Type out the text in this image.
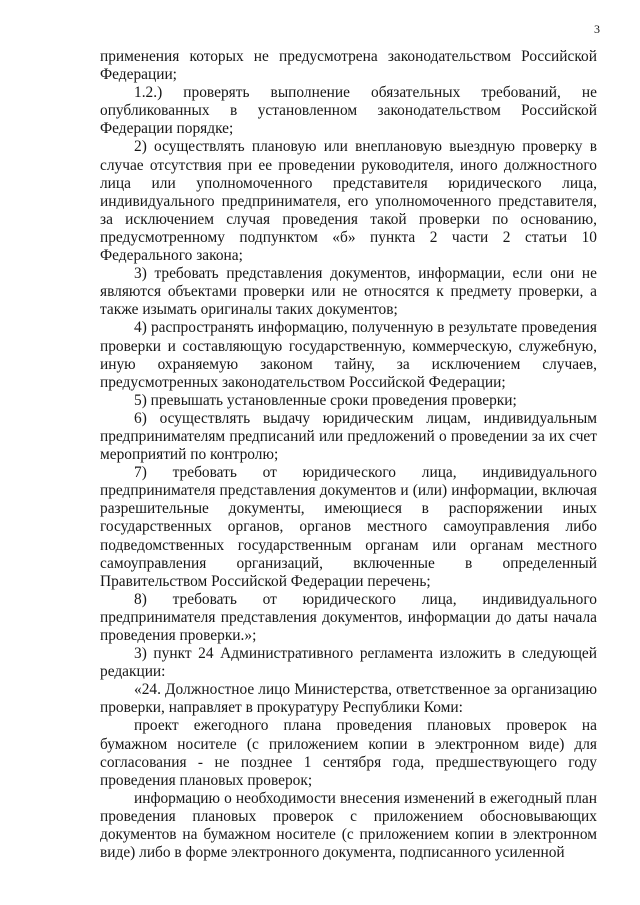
3

применения которых не предусмотрена законодательством Российской Федерации;

1.2.) проверять выполнение обязательных требований, не опубликованных в установленном законодательством Российской Федерации порядке;

2) осуществлять плановую или внеплановую выездную проверку в случае отсутствия при ее проведении руководителя, иного должностного лица или уполномоченного представителя юридического лица, индивидуального предпринимателя, его уполномоченного представителя, за исключением случая проведения такой проверки по основанию, предусмотренному подпунктом «б» пункта 2 части 2 статьи 10 Федерального закона;

3) требовать представления документов, информации, если они не являются объектами проверки или не относятся к предмету проверки, а также изымать оригиналы таких документов;

4) распространять информацию, полученную в результате проведения проверки и составляющую государственную, коммерческую, служебную, иную охраняемую законом тайну, за исключением случаев, предусмотренных законодательством Российской Федерации;

5) превышать установленные сроки проведения проверки;

6) осуществлять выдачу юридическим лицам, индивидуальным предпринимателям предписаний или предложений о проведении за их счет мероприятий по контролю;

7) требовать от юридического лица, индивидуального предпринимателя представления документов и (или) информации, включая разрешительные документы, имеющиеся в распоряжении иных государственных органов, органов местного самоуправления либо подведомственных государственным органам или органам местного самоуправления организаций, включенные в определенный Правительством Российской Федерации перечень;

8) требовать от юридического лица, индивидуального предпринимателя представления документов, информации до даты начала проведения проверки.»;

3) пункт 24 Административного регламента изложить в следующей редакции:

«24. Должностное лицо Министерства, ответственное за организацию проверки, направляет в прокуратуру Республики Коми:

проект ежегодного плана проведения плановых проверок на бумажном носителе (с приложением копии в электронном виде) для согласования - не позднее 1 сентября года, предшествующего году проведения плановых проверок;

информацию о необходимости внесения изменений в ежегодный план проведения плановых проверок с приложением обосновывающих документов на бумажном носителе (с приложением копии в электронном виде) либо в форме электронного документа, подписанного усиленной
